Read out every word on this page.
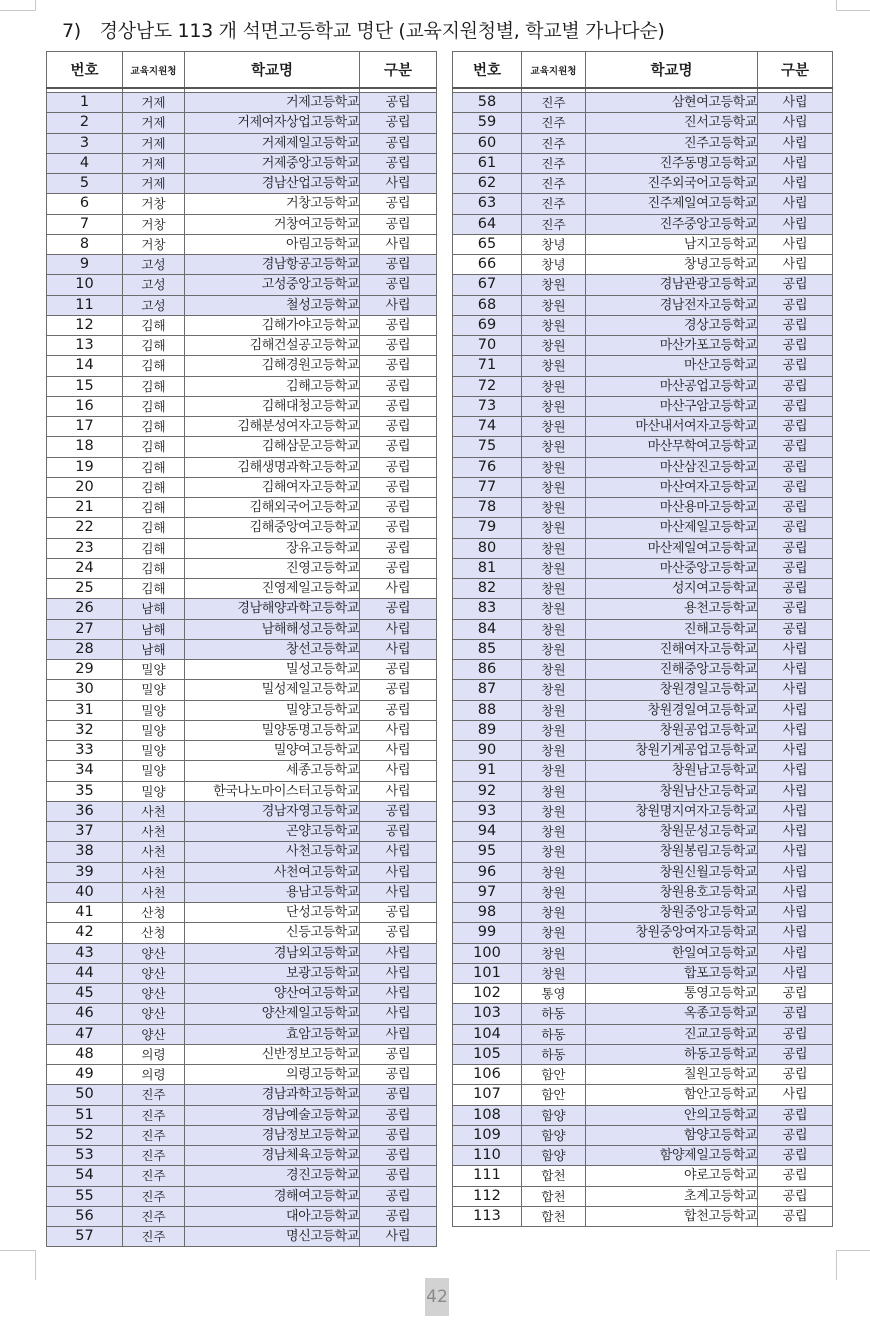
7)　경상남도 113 개 석면고등학교 명단 (교육지원청별, 학교별 가나다순)
번호	교육지원청	학교명	구분

1	거제	거제고등학교	공립
2	거제	거제여자상업고등학교	공립
3	거제	거제제일고등학교	공립
4	거제	거제중앙고등학교	공립
5	거제	경남산업고등학교	사립
6	거창	거창고등학교	공립
7	거창	거창여고등학교	공립
8	거창	아림고등학교	사립
9	고성	경남항공고등학교	공립
10	고성	고성중앙고등학교	공립
11	고성	철성고등학교	사립
12	김해	김해가야고등학교	공립
13	김해	김해건설공고등학교	공립
14	김해	김해경원고등학교	공립
15	김해	김해고등학교	공립
16	김해	김해대청고등학교	공립
17	김해	김해분성여자고등학교	공립
18	김해	김해삼문고등학교	공립
19	김해	김해생명과학고등학교	공립
20	김해	김해여자고등학교	공립
21	김해	김해외국어고등학교	공립
22	김해	김해중앙여고등학교	공립
23	김해	장유고등학교	공립
24	김해	진영고등학교	공립
25	김해	진영제일고등학교	사립
26	남해	경남해양과학고등학교	공립
27	남해	남해해성고등학교	사립
28	남해	창선고등학교	사립
29	밀양	밀성고등학교	공립
30	밀양	밀성제일고등학교	공립
31	밀양	밀양고등학교	공립
32	밀양	밀양동명고등학교	사립
33	밀양	밀양여고등학교	사립
34	밀양	세종고등학교	사립
35	밀양	한국나노마이스터고등학교	사립
36	사천	경남자영고등학교	공립
37	사천	곤양고등학교	공립
38	사천	사천고등학교	사립
39	사천	사천여고등학교	사립
40	사천	용남고등학교	사립
41	산청	단성고등학교	공립
42	산청	신등고등학교	공립
43	양산	경남외고등학교	사립
44	양산	보광고등학교	사립
45	양산	양산여고등학교	사립
46	양산	양산제일고등학교	사립
47	양산	효암고등학교	사립
48	의령	신반정보고등학교	공립
49	의령	의령고등학교	공립
50	진주	경남과학고등학교	공립
51	진주	경남예술고등학교	공립
52	진주	경남정보고등학교	공립
53	진주	경남체육고등학교	공립
54	진주	경진고등학교	공립
55	진주	경해여고등학교	공립
56	진주	대아고등학교	공립
57	진주	명신고등학교	사립
번호	교육지원청	학교명	구분

58	진주	삼현여고등학교	사립
59	진주	진서고등학교	사립
60	진주	진주고등학교	사립
61	진주	진주동명고등학교	사립
62	진주	진주외국어고등학교	사립
63	진주	진주제일여고등학교	사립
64	진주	진주중앙고등학교	사립
65	창녕	남지고등학교	사립
66	창녕	창녕고등학교	사립
67	창원	경남관광고등학교	공립
68	창원	경남전자고등학교	공립
69	창원	경상고등학교	공립
70	창원	마산가포고등학교	공립
71	창원	마산고등학교	공립
72	창원	마산공업고등학교	공립
73	창원	마산구암고등학교	공립
74	창원	마산내서여자고등학교	공립
75	창원	마산무학여고등학교	공립
76	창원	마산삼진고등학교	공립
77	창원	마산여자고등학교	공립
78	창원	마산용마고등학교	공립
79	창원	마산제일고등학교	공립
80	창원	마산제일여고등학교	공립
81	창원	마산중앙고등학교	공립
82	창원	성지여고등학교	공립
83	창원	용천고등학교	공립
84	창원	진해고등학교	공립
85	창원	진해여자고등학교	사립
86	창원	진해중앙고등학교	사립
87	창원	창원경일고등학교	사립
88	창원	창원경일여고등학교	사립
89	창원	창원공업고등학교	사립
90	창원	창원기계공업고등학교	사립
91	창원	창원남고등학교	사립
92	창원	창원남산고등학교	사립
93	창원	창원명지여자고등학교	사립
94	창원	창원문성고등학교	사립
95	창원	창원봉림고등학교	사립
96	창원	창원신월고등학교	사립
97	창원	창원용호고등학교	사립
98	창원	창원중앙고등학교	사립
99	창원	창원중앙여자고등학교	사립
100	창원	한일여고등학교	사립
101	창원	합포고등학교	사립
102	통영	통영고등학교	공립
103	하동	옥종고등학교	공립
104	하동	진교고등학교	공립
105	하동	하동고등학교	공립
106	함안	칠원고등학교	공립
107	함안	함안고등학교	사립
108	함양	안의고등학교	공립
109	함양	함양고등학교	공립
110	함양	함양제일고등학교	공립
111	합천	야로고등학교	공립
112	합천	초계고등학교	공립
113	합천	합천고등학교	공립
42
